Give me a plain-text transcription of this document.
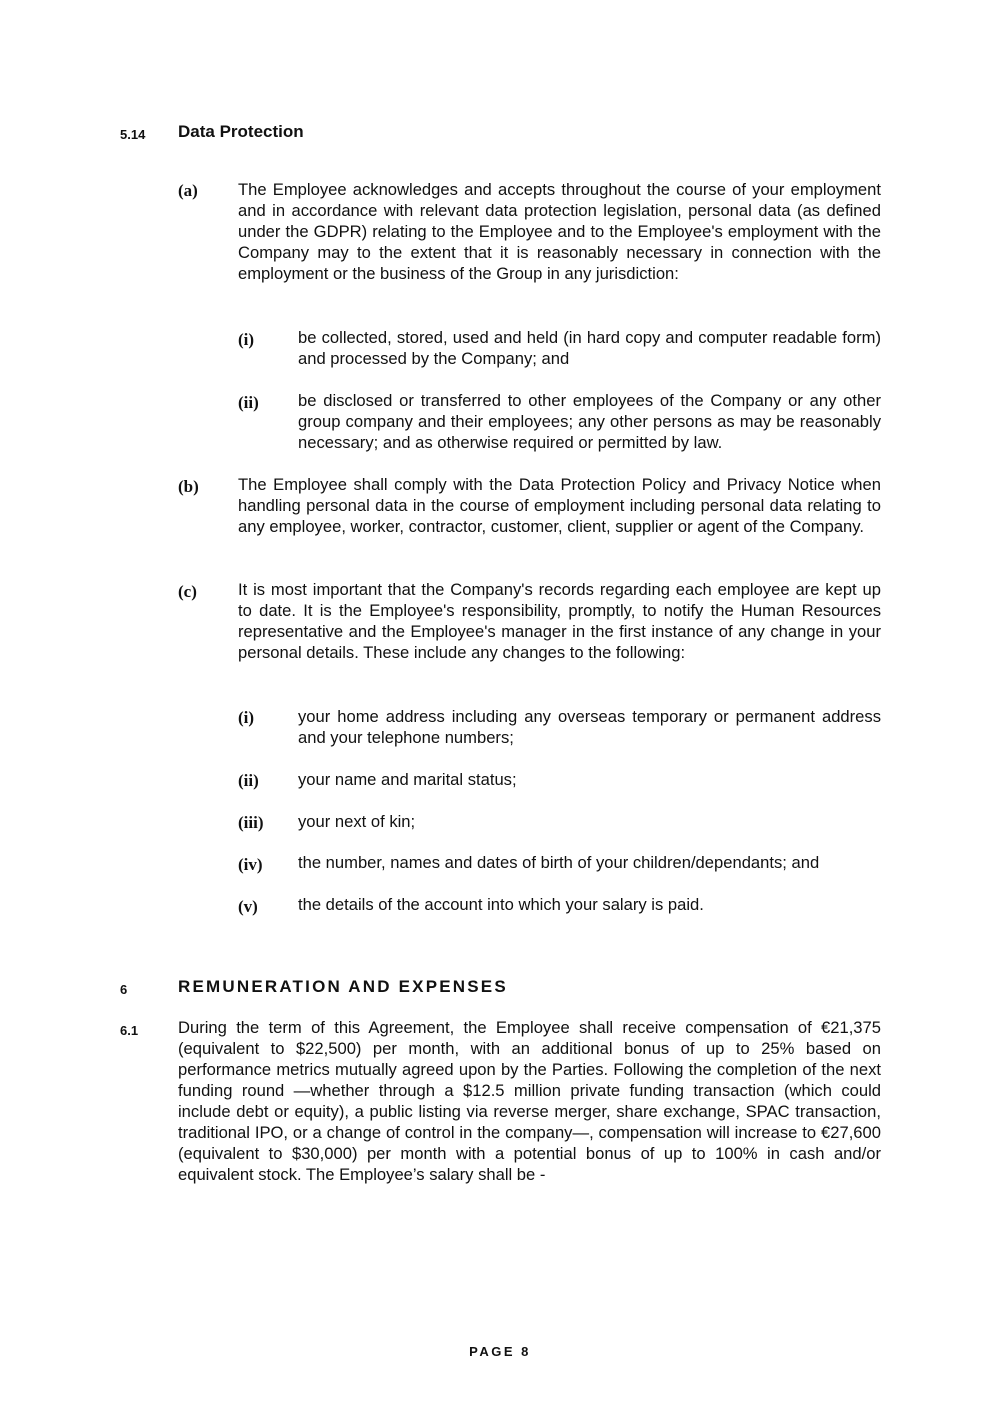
5.14 Data Protection
(a) The Employee acknowledges and accepts throughout the course of your employment and in accordance with relevant data protection legislation, personal data (as defined under the GDPR) relating to the Employee and to the Employee's employment with the Company may to the extent that it is reasonably necessary in connection with the employment or the business of the Group in any jurisdiction:
(i)	be collected, stored, used and held (in hard copy and computer readable form) and processed by the Company; and
(ii) be disclosed or transferred to other employees of the Company or any other group company and their employees; any other persons as may be reasonably necessary; and as otherwise required or permitted by law.
(b) The Employee shall comply with the Data Protection Policy and Privacy Notice when handling personal data in the course of employment including personal data relating to any employee, worker, contractor, customer, client, supplier or agent of the Company.
(c) It is most important that the Company's records regarding each employee are kept up to date. It is the Employee's responsibility, promptly, to notify the Human Resources representative and the Employee's manager in the first instance of any change in your personal details. These include any changes to the following:
(i)	your home address including any overseas temporary or permanent address and your telephone numbers;
(ii) your name and marital status;
(iii) your next of kin;
(iv) the number, names and dates of birth of your children/dependants; and
(v) the details of the account into which your salary is paid.
6	REMUNERATION AND EXPENSES
6.1 During the term of this Agreement, the Employee shall receive compensation of €21,375 (equivalent to $22,500) per month, with an additional bonus of up to 25% based on performance metrics mutually agreed upon by the Parties. Following the completion of the next funding round —whether through a $12.5 million private funding transaction (which could include debt or equity), a public listing via reverse merger, share exchange, SPAC transaction, traditional IPO, or a change of control in the company—, compensation will increase to €27,600 (equivalent to $30,000) per month with a potential bonus of up to 100% in cash and/or equivalent stock. The Employee’s salary shall be -
PAGE 8
